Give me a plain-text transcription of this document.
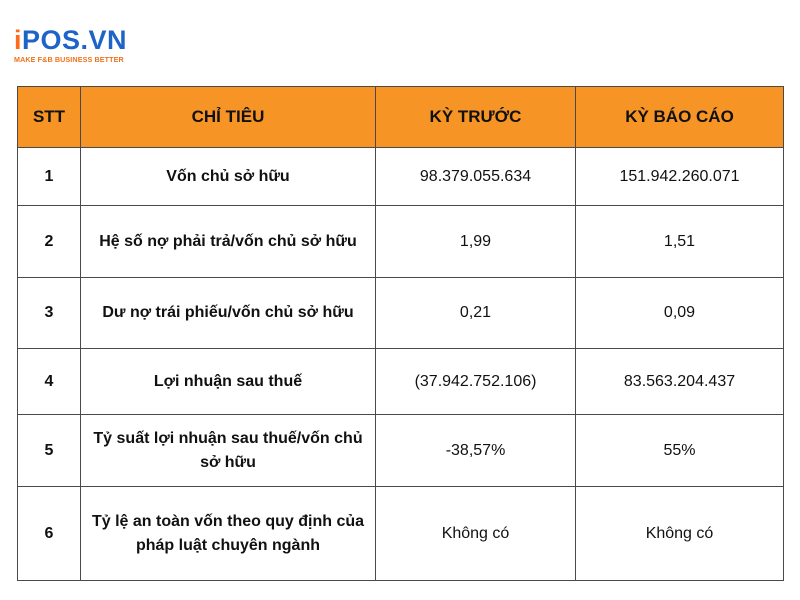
iPOS.VN
MAKE F&B BUSINESS BETTER
STT	CHỈ TIÊU	KỲ TRƯỚC	KỲ BÁO CÁO
1	Vốn chủ sở hữu	98.379.055.634	151.942.260.071
2	Hệ số nợ phải trả/vốn chủ sở hữu	1,99	1,51
3	Dư nợ trái phiếu/vốn chủ sở hữu	0,21	0,09
4	Lợi nhuận sau thuế	(37.942.752.106)	83.563.204.437
5	Tỷ suất lợi nhuận sau thuế/vốn chủ sở hữu	-38,57%	55%
6	Tỷ lệ an toàn vốn theo quy định của pháp luật chuyên ngành	Không có	Không có
